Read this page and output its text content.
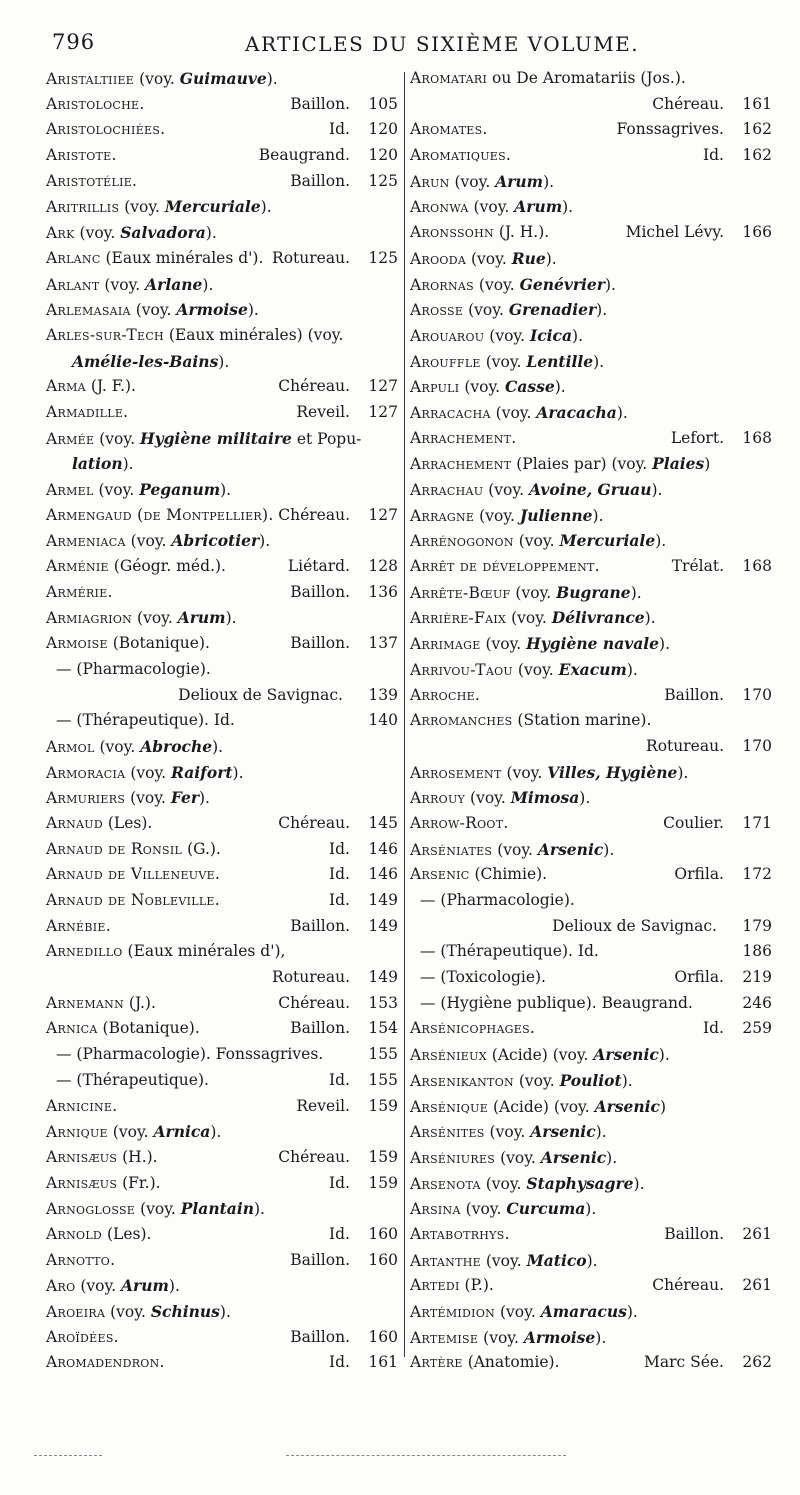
796	ARTICLES DU SIXIÈME VOLUME.
Aristaltiiee (voy. Guimauve).
Aristoloche.	Baillon. 105
Aristolochiées.	Id. 120
Aristote.	Beaugrand. 120
Aristotélie.	Baillon. 125
Aritrillis (voy. Mercuriale).
Ark (voy. Salvadora).
Arlanc (Eaux minérales d'). Rotureau. 125
Arlant (voy. Arlane).
Arlemasaia (voy. Armoise).
Arles-sur-Tech (Eaux minérales) (voy.
Amélie-les-Bains).
Arma (J. F.).	Chéreau. 127
Armadille.	Reveil. 127
Armée (voy. Hygiène militaire et Popu-
lation).
Armel (voy. Peganum).
Armengaud (de Montpellier). Chéreau. 127
Armeniaca (voy. Abricotier).
Arménie (Géogr. méd.).	Liétard. 128
Armérie.	Baillon. 136
Armiagrion (voy. Arum).
Armoise (Botanique).	Baillon. 137
— (Pharmacologie).
Delioux de Savignac. 139
— (Thérapeutique). Id.	140
Armol (voy. Abroche).
Armoracia (voy. Raifort).
Armuriers (voy. Fer).
Arnaud (Les).	Chéreau. 145
Arnaud de Ronsil (G.).	Id. 146
Arnaud de Villeneuve.	Id. 146
Arnaud de Nobleville.	Id. 149
Arnébie.	Baillon. 149
Arnedillo (Eaux minérales d'),
Rotureau. 149
Arnemann (J.).	Chéreau. 153
Arnica (Botanique).	Baillon. 154
— (Pharmacologie). Fonssagrives.	155
— (Thérapeutique).	Id. 155
Arnicine.	Reveil. 159
Arnique (voy. Arnica).
Arnisæus (H.).	Chéreau. 159
Arnisæus (Fr.).	Id. 159
Arnoglosse (voy. Plantain).
Arnold (Les).	Id. 160
Arnotto.	Baillon. 160
Aro (voy. Arum).
Aroeira (voy. Schinus).
Aroïdées.	Baillon. 160
Aromadendron.	Id. 161
Aromatari ou De Aromatariis (Jos.).
Chéreau. 161
Aromates.	Fonssagrives. 162
Aromatiques.	Id. 162
Arun (voy. Arum).
Aronwa (voy. Arum).
Aronssohn (J. H.).	Michel Lévy. 166
Arooda (voy. Rue).
Arornas (voy. Genévrier).
Arosse (voy. Grenadier).
Arouarou (voy. Icica).
Arouffle (voy. Lentille).
Arpuli (voy. Casse).
Arracacha (voy. Aracacha).
Arrachement.	Lefort. 168
Arrachement (Plaies par) (voy. Plaies)
Arrachau (voy. Avoine, Gruau).
Arragne (voy. Julienne).
Arrénogonon (voy. Mercuriale).
Arrêt de développement.	Trélat. 168
Arrête-Bœuf (voy. Bugrane).
Arrière-Faix (voy. Délivrance).
Arrimage (voy. Hygiène navale).
Arrivou-Taou (voy. Exacum).
Arroche.	Baillon. 170
Arromanches (Station marine).
Rotureau. 170
Arrosement (voy. Villes, Hygiène).
Arrouy (voy. Mimosa).
Arrow-Root.	Coulier. 171
Arséniates (voy. Arsenic).
Arsenic (Chimie).	Orfila. 172
— (Pharmacologie).
Delioux de Savignac. 179
— (Thérapeutique). Id.	186
— (Toxicologie).	Orfila. 219
— (Hygiène publique). Beaugrand.	246
Arsénicophages.	Id. 259
Arsénieux (Acide) (voy. Arsenic).
Arsenikanton (voy. Pouliot).
Arsénique (Acide) (voy. Arsenic)
Arsénites (voy. Arsenic).
Arséniures (voy. Arsenic).
Arsenota (voy. Staphysagre).
Arsina (voy. Curcuma).
Artabotrhys.	Baillon. 261
Artanthe (voy. Matico).
Artedi (P.).	Chéreau. 261
Artémidion (voy. Amaracus).
Artemise (voy. Armoise).
Artère (Anatomie).	Marc Sée. 262
